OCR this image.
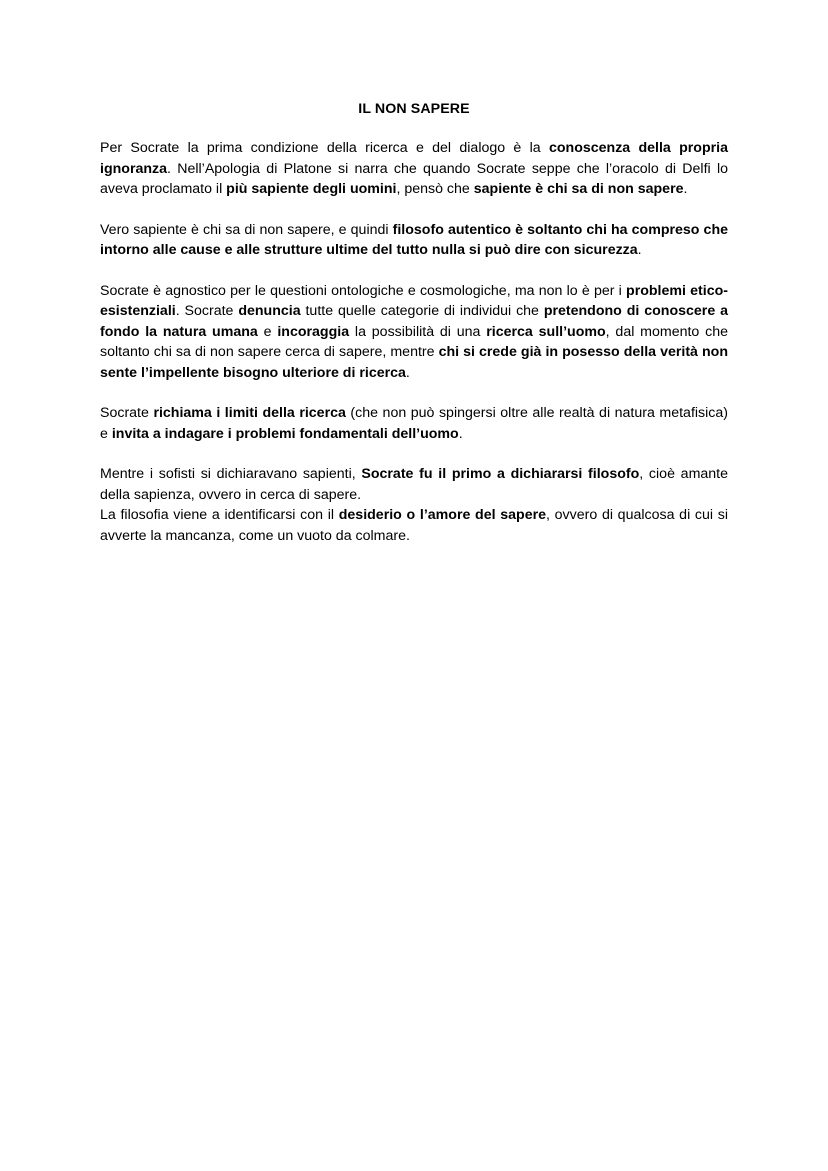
IL NON SAPERE

Per Socrate la prima condizione della ricerca e del dialogo è la conoscenza della propria ignoranza. Nell’Apologia di Platone si narra che quando Socrate seppe che l’oracolo di Delfi lo aveva proclamato il più sapiente degli uomini, pensò che sapiente è chi sa di non sapere.

Vero sapiente è chi sa di non sapere, e quindi filosofo autentico è soltanto chi ha compreso che intorno alle cause e alle strutture ultime del tutto nulla si può dire con sicurezza.

Socrate è agnostico per le questioni ontologiche e cosmologiche, ma non lo è per i problemi etico-esistenziali. Socrate denuncia tutte quelle categorie di individui che pretendono di conoscere a fondo la natura umana e incoraggia la possibilità di una ricerca sull’uomo, dal momento che soltanto chi sa di non sapere cerca di sapere, mentre chi si crede già in posesso della verità non sente l’impellente bisogno ulteriore di ricerca.

Socrate richiama i limiti della ricerca (che non può spingersi oltre alle realtà di natura metafisica) e invita a indagare i problemi fondamentali dell’uomo.

Mentre i sofisti si dichiaravano sapienti, Socrate fu il primo a dichiararsi filosofo, cioè amante della sapienza, ovvero in cerca di sapere.

La filosofia viene a identificarsi con il desiderio o l’amore del sapere, ovvero di qualcosa di cui si avverte la mancanza, come un vuoto da colmare.
